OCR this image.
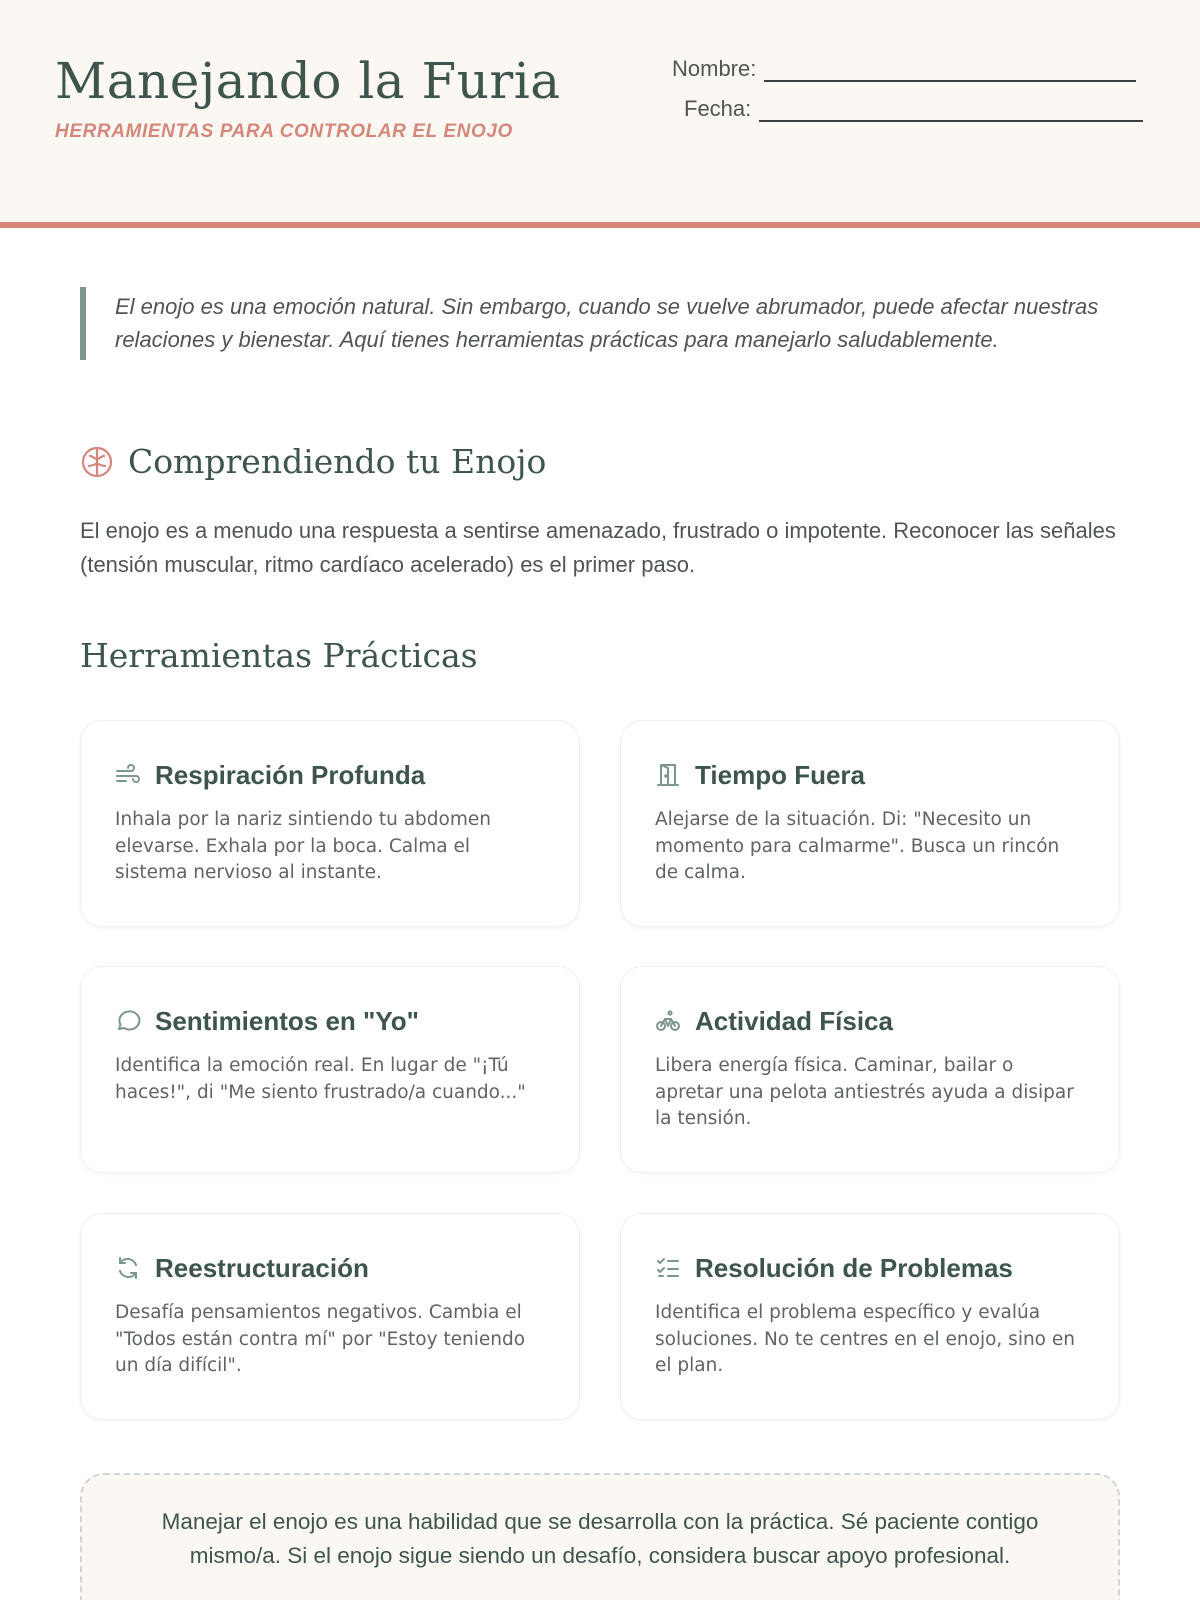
Manejando la Furia
HERRAMIENTAS PARA CONTROLAR EL ENOJO
Nombre:
Fecha:
El enojo es una emoción natural. Sin embargo, cuando se vuelve abrumador, puede afectar nuestras relaciones y bienestar. Aquí tienes herramientas prácticas para manejarlo saludablemente.
Comprendiendo tu Enojo

El enojo es a menudo una respuesta a sentirse amenazado, frustrado o impotente. Reconocer las señales (tensión muscular, ritmo cardíaco acelerado) es el primer paso.

Herramientas Prácticas
Respiración Profunda

Inhala por la nariz sintiendo tu abdomen elevarse. Exhala por la boca. Calma el sistema nervioso al instante.

Tiempo Fuera

Alejarse de la situación. Di: "Necesito un momento para calmarme". Busca un rincón de calma.

Sentimientos en "Yo"

Identifica la emoción real. En lugar de "¡Tú haces!", di "Me siento frustrado/a cuando..."

Actividad Física

Libera energía física. Caminar, bailar o apretar una pelota antiestrés ayuda a disipar la tensión.

Reestructuración

Desafía pensamientos negativos. Cambia el "Todos están contra mí" por "Estoy teniendo un día difícil".

Resolución de Problemas

Identifica el problema específico y evalúa soluciones. No te centres en el enojo, sino en el plan.

Manejar el enojo es una habilidad que se desarrolla con la práctica. Sé paciente contigo mismo/a. Si el enojo sigue siendo un desafío, considera buscar apoyo profesional.
